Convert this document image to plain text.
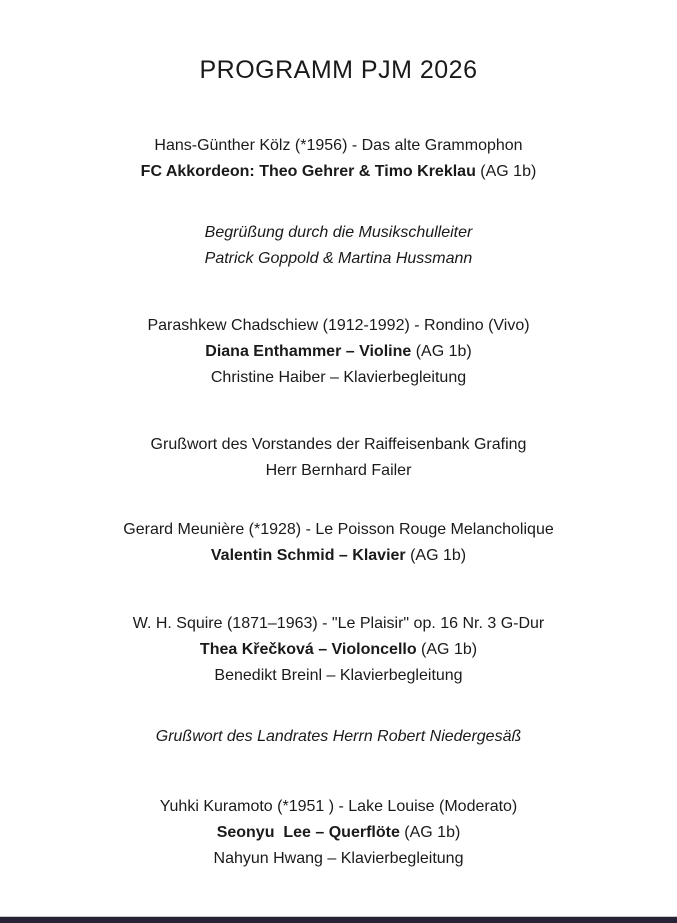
PROGRAMM PJM 2026
Hans-Günther Kölz (*1956) - Das alte Grammophon
FC Akkordeon: Theo Gehrer & Timo Kreklau (AG 1b)
Begrüßung durch die Musikschulleiter
Patrick Goppold & Martina Hussmann
Parashkew Chadschiew (1912-1992) - Rondino (Vivo)
Diana Enthammer – Violine (AG 1b)
Christine Haiber – Klavierbegleitung
Grußwort des Vorstandes der Raiffeisenbank Grafing
Herr Bernhard Failer
Gerard Meunière (*1928) - Le Poisson Rouge Melancholique
Valentin Schmid – Klavier (AG 1b)
W. H. Squire (1871–1963) - "Le Plaisir" op. 16 Nr. 3 G-Dur
Thea Křečková – Violoncello (AG 1b)
Benedikt Breinl – Klavierbegleitung
Grußwort des Landrates Herrn Robert Niedergesäß
Yuhki Kuramoto (*1951 ) - Lake Louise (Moderato)
Seonyu  Lee – Querflöte (AG 1b)
Nahyun Hwang – Klavierbegleitung
